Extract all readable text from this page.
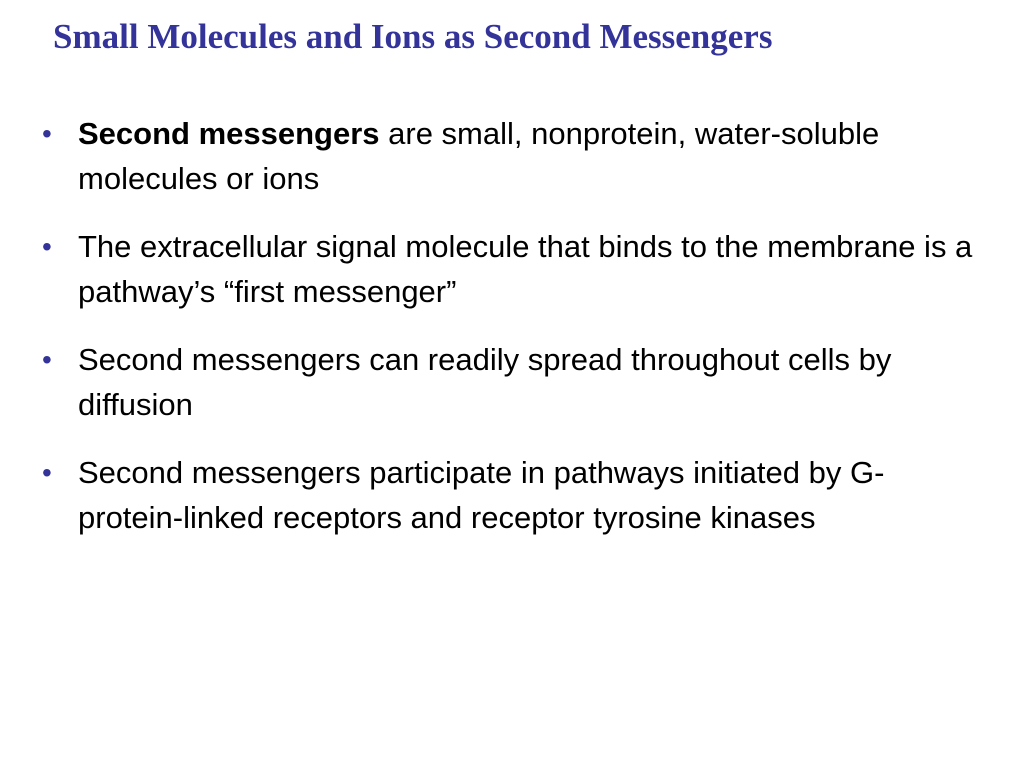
Small Molecules and Ions as Second Messengers
• Second messengers are small, nonprotein, water-soluble molecules or ions
• The extracellular signal molecule that binds to the membrane is a pathway’s “first messenger”
• Second messengers can readily spread throughout cells by diffusion
• Second messengers participate in pathways initiated by G-protein-linked receptors and receptor tyrosine kinases
